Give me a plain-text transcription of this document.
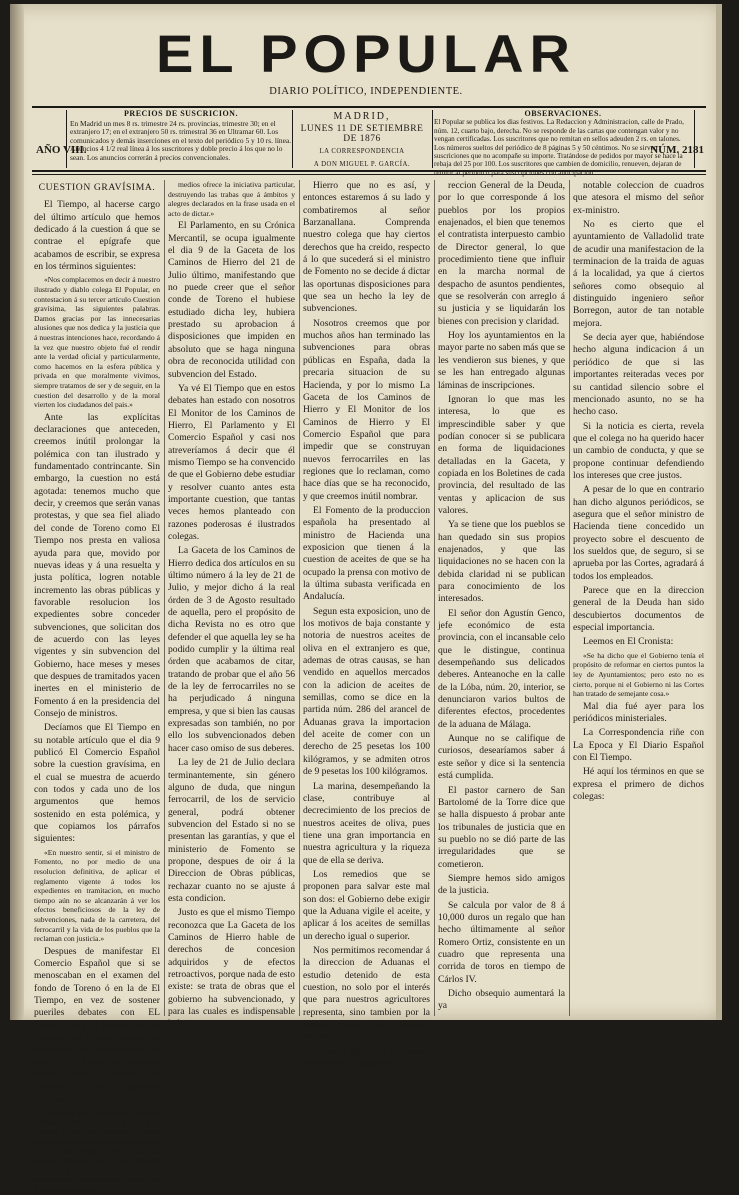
EL POPULAR
DIARIO POLÍTICO, INDEPENDIENTE.
AÑO VIII.
PRECIOS DE SUSCRICION.
En Madrid un mes 8 rs. trimestre 24 rs. provincias, trimestre 30; en el extranjero 17; en el extranjero 50 rs. trimestral 36 en Ultramar 60. Los comunicados y demás inserciones en el texto del periódico 5 y 10 rs. línea. Anuncios 4 1/2 real línea á los suscritores y doble precio á los que no lo sean. Los anuncios correrán á precios convencionales.
MADRID,
LUNES 11 DE SETIEMBRE DE 1876
LA CORRESPONDENCIA
A DON MIGUEL P. GARCÍA.
OBSERVACIONES.
El Popular se publica los dias festivos. La Redaccion y Administracion, calle de Prado, núm. 12, cuarto bajo, derecha. No se responde de las cartas que contengan valor y no vengan certificadas. Los suscritores que no remitan en sellos adeuden 2 rs. en talones. Los números sueltos del periódico de 8 páginas 5 y 50 céntimos. No se sirven suscriciones que no acompañe su importe. Tratándose de pedidos por mayor se hace la rebaja del 25 por 100. Los suscritores que cambien de domicilio, renueven, dejaran de remitir al periódico para suscripciones con anticipacion.
NÚM. 2181
CUESTION GRAVÍSIMA.

El Tiempo, al hacerse cargo del último artículo que hemos dedicado á la cuestion á que se contrae el epígrafe que acabamos de escribir, se expresa en los términos siguientes:

«Nos complacemos en decir á nuestro ilustrado y diablo colega El Popular, en contestacion á su tercer artículo Cuestion gravísima, las siguientes palabras. Damos gracias por las innecesarias alusiones que nos dedica y la justicia que á nuestras intenciones hace, recordando á la vez que nuestro objeto fué el rendir ante la verdad oficial y particularmente, como hacemos en la esfera pública y privada en que moralmente vivimos, siempre tratamos de ser y de seguir, en la cuestion del desarrollo y de la moral vierten los ciudadanos del pais.»

Ante las explícitas declaraciones que anteceden, creemos inútil prolongar la polémica con tan ilustrado y fundamentado contrincante. Sin embargo, la cuestion no está agotada: tenemos mucho que decir, y creemos que serán vanas protestas, y que sea fiel aliado del conde de Toreno como El Tiempo nos presta en valiosa ayuda para que, movido por nuevas ideas y á una resuelta y justa política, logren notable incremento las obras públicas y favorable resolucion los expedientes sobre conceder subvenciones, que solicitan dos de acuerdo con las leyes vigentes y sin subvencion del Gobierno, hace meses y meses que despues de tramitados yacen inertes en el ministerio de Fomento á en la presidencia del Consejo de ministros.

Decíamos que El Tiempo en su notable artículo que el dia 9 publicó El Comercio Español sobre la cuestion gravísima, en el cual se muestra de acuerdo con todos y cada uno de los argumentos que hemos sostenido en esta polémica, y que copiamos los párrafos siguientes:

«En nuestro sentir, si el ministro de Fomento, no por medio de una resolucion definitiva, de aplicar el reglamento vigente á todos los expedientes en tramitacion, en mucho tiempo aún no se alcanzarán á ver los efectos beneficiosos de la ley de subvenciones, nada de la carretera, del ferrocarril y la vida de los pueblos que la reclaman con justicia.»

Despues de manifestar El Comercio Español que si se menoscaban en el examen del fondo de Toreno ó en la de El Tiempo, en vez de sostener pueriles debates con EL POPULAR y El Monitor de los Caminos de Hierro, pondría de manifiesto la imposibilidad de que en lo futuro de construir nuevas obras públicas, se expresa en los siguientes términos:

«Mientras á esta conclusion llega y lo ministro de Fomento tiende á tratar ó de aprobar á toda costa proyectos, que ni incluyen la interés nacional ni el empleo, sino el de algunos particulares que quieren, pidiendo que la ley autorice siempre el ministro, se cierran los expedientes y se mantienen inconclusos y por mucho tiempo.»

medios ofrece la iniciativa particular, destruyendo las trabas que á ámbitos y alegres declarados en la frase usada en el acto de dictar.»

El Parlamento, en su Crónica Mercantil, se ocupa igualmente el dia 9 de la Gaceta de los Caminos de Hierro del 21 de Julio último, manifestando que no puede creer que el señor conde de Toreno el hubiese estudiado dicha ley, hubiera prestado su aprobacion á disposiciones que impiden en absoluto que se haga ninguna obra de reconocida utilidad con subvencion del Estado.

Ya vé El Tiempo que en estos debates han estado con nosotros El Monitor de los Caminos de Hierro, El Parlamento y El Comercio Español y casi nos atreveríamos á decir que él mismo Tiempo se ha convencido de que el Gobierno debe estudiar y resolver cuanto antes esta importante cuestion, que tantas veces hemos planteado con razones poderosas é ilustrados colegas.

La Gaceta de los Caminos de Hierro dedica dos artículos en su último número á la ley de 21 de Julio, y mejor dicho á la real órden de 3 de Agosto resultado de aquella, pero el propósito de dicha Revista no es otro que defender el que aquella ley se ha podido cumplir y la última real órden que acabamos de citar, tratando de probar que el año 56 de la ley de ferrocarriles no se ha perjudicado á ninguna empresa, y que si bien las causas expresadas son también, no por ello los subvencionados deben hacer caso omiso de sus deberes.

La ley de 21 de Julio declara terminantemente, sin género alguno de duda, que ningun ferrocarril, de los de servicio general, podrá obtener subvencion del Estado si no se presentan las garantías, y que el ministerio de Fomento se propone, despues de oir á la Direccion de Obras públicas, rechazar cuanto no se ajuste á esta condicion.

Justo es que el mismo Tiempo reconozca que La Gaceta de los Caminos de Hierro hable de derechos de concesion adquiridos y de efectos retroactivos, porque nada de esto existe: se trata de obras que el gobierno ha subvencionado, y para las cuales es indispensable la ley.

Hierro que no es así, y entonces estaremos á su lado y combatiremos al señor Barzanallana. Comprenda nuestro colega que hay ciertos derechos que ha creido, respecto á lo que sucederá si el ministro de Fomento no se decide á dictar las oportunas disposiciones para que sea un hecho la ley de subvenciones.

Nosotros creemos que por muchos años han terminado las subvenciones para obras públicas en España, dada la precaria situacion de su Hacienda, y por lo mismo La Gaceta de los Caminos de Hierro y El Monitor de los Caminos de Hierro y El Comercio Español que para impedir que se construyan nuevos ferrocarriles en las regiones que lo reclaman, como hace días que se ha reconocido, y que creemos inútil nombrar.

El Fomento de la produccion española ha presentado al ministro de Hacienda una exposicion que tienen á la cuestion de aceites de que se ha ocupado la prensa con motivo de la última subasta verificada en Andalucía.

Segun esta exposicion, uno de los motivos de baja constante y notoria de nuestros aceites de oliva en el extranjero es que, ademas de otras causas, se han vendido en aquellos mercados con la adicion de aceites de semillas, como se dice en la partida núm. 286 del arancel de Aduanas grava la importacion del aceite de comer con un derecho de 25 pesetas los 100 kilógramos, y se admiten otros de 9 pesetas los 100 kilógramos.

La marina, desempeñando la clase, contribuye al decrecimiento de los precios de nuestros aceites de oliva, pues tiene una gran importancia en nuestra agricultura y la riqueza que de ella se deriva.

Los remedios que se proponen para salvar este mal son dos: el Gobierno debe exigir que la Aduana vigile el aceite, y aplicar á los aceites de semillas un derecho igual o superior.

Nos permitimos recomendar á la direccion de Aduanas el estudio detenido de esta cuestion, no solo por el interés que para nuestros agricultores representa, sino tambien por la justicia que los mismos reclaman.

En carta que ayer recibimos, se nos dice lo siguiente:

reccion General de la Deuda, por lo que corresponde á los pueblos por los propios enajenados, el bien que tenemos el contratista interpuesto cambio de Director general, lo que procedimiento tiene que influir en la marcha normal de despacho de asuntos pendientes, que se resolverán con arreglo á su justicia y se liquidarán los bienes con precision y claridad.

Hoy los ayuntamientos en la mayor parte no saben más que se les vendieron sus bienes, y que se les han entregado algunas láminas de inscripciones.

Ignoran lo que mas les interesa, lo que es imprescindible saber y que podían conocer si se publicara en forma de liquidaciones detalladas en la Gaceta, y copiada en los Boletines de cada provincia, del resultado de las ventas y aplicacion de sus valores.

Ya se tiene que los pueblos se han quedado sin sus propios enajenados, y que las liquidaciones no se hacen con la debida claridad ni se publican para conocimiento de los interesados.

El señor don Agustín Genco, jefe económico de esta provincia, con el incansable celo que le distingue, continua desempeñando sus delicados deberes. Anteanoche en la calle de la Lóba, núm. 20, interior, se denunciaron varios bultos de diferentes efectos, procedentes de la aduana de Málaga.

Aunque no se califique de curiosos, desearíamos saber á este señor y dice si la sentencia está cumplida.

El pastor carnero de San Bartolomé de la Torre dice que se halla dispuesto á probar ante los tribunales de justicia que en su pueblo no se dió parte de las irregularidades que se cometieron.

Siempre hemos sido amigos de la justicia.

Se calcula por valor de 8 á 10,000 duros un regalo que han hecho últimamente al señor Romero Ortiz, consistente en un cuadro que representa una corrida de toros en tiempo de Cárlos IV.

Dicho obsequio aumentará la ya

notable coleccion de cuadros que atesora el mismo del señor ex-ministro.

No es cierto que el ayuntamiento de Valladolid trate de acudir una manifestacion de la terminacion de la traida de aguas á la localidad, ya que á ciertos señores como obsequio al distinguido ingeniero señor Borregon, autor de tan notable mejora.

Se decia ayer que, habiéndose hecho alguna indicacion á un periódico de que si las importantes reiteradas veces por su cantidad silencio sobre el mencionado asunto, no se ha hecho caso.

Si la noticia es cierta, revela que el colega no ha querido hacer un cambio de conducta, y que se propone continuar defendiendo los intereses que cree justos.

A pesar de lo que en contrario han dicho algunos periódicos, se asegura que el señor ministro de Hacienda tiene concedido un proyecto sobre el descuento de los sueldos que, de seguro, si se aprueba por las Cortes, agradará á todos los empleados.

Parece que en la direccion general de la Deuda han sido descubiertos documentos de especial importancia.

Leemos en El Cronista:

«Se ha dicho que el Gobierno tenía el propósito de reformar en ciertos puntos la ley de Ayuntamientos; pero esto no es cierto, porque ni el Gobierno ni las Cortes han tratado de semejante cosa.»

Mal dia fué ayer para los periódicos ministeriales.

La Correspondencia riñe con La Epoca y El Diario Español con El Tiempo.

Hé aquí los términos en que se expresa el primero de dichos colegas:
